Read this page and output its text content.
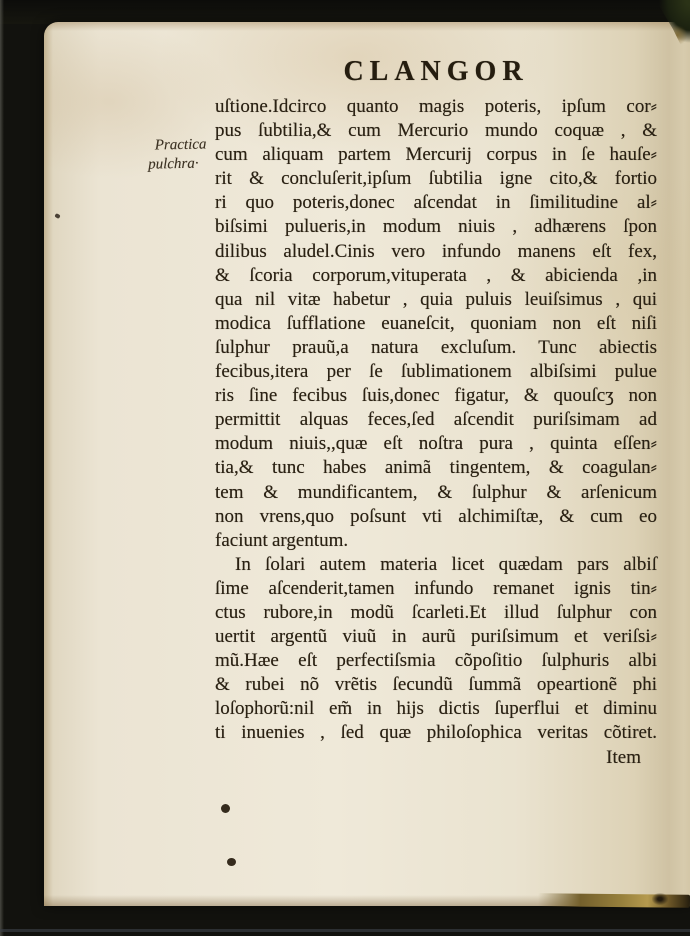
CLANGOR
Practica
pulchra·
uſtione.Idcirco quanto magis poteris, ipſum cor⸗
pus ſubtilia,& cum Mercurio mundo coquæ , &
cum aliquam partem Mercurij corpus in ſe hauſe⸗
rit & concluſerit,ipſum ſubtilia igne cito,& fortio
ri quo poteris,donec aſcendat in ſimilitudine al⸗
biſsimi pulueris,in modum niuis , adhærens ſpon
dilibus aludel.Cinis vero infundo manens eſt fex,
& ſcoria corporum,vituperata , & abicienda ,in
qua nil vitæ habetur , quia puluis leuiſsimus , qui
modica ſufflatione euaneſcit, quoniam non eſt niſi
ſulphur prauũ,a natura excluſum. Tunc abiectis
fecibus,itera per ſe ſublimationem albiſsimi pulue
ris ſine fecibus ſuis,donec figatur, & quouſcʒ non
permittit alquas feces,ſed aſcendit puriſsimam ad
modum niuis,,quæ eſt noſtra pura , quinta eſſen⸗
tia,& tunc habes animã tingentem, & coagulan⸗
tem & mundificantem, & ſulphur & arſenicum
non vrens,quo poſsunt vti alchimiſtæ, & cum eo
faciunt argentum.
In ſolari autem materia licet quædam pars albiſ
ſime aſcenderit,tamen infundo remanet ignis tin⸗
ctus rubore,in modũ ſcarleti.Et illud ſulphur con
uertit argentũ viuũ in aurũ puriſsimum et veriſsi⸗
mũ.Hæe eſt perfectiſsmia cõpoſitio ſulphuris albi
& rubei nõ vrẽtis ſecundũ ſummã opeartionẽ phi
loſophorũ:nil em̃ in hĳs dictis ſuperflui et diminu
ti inuenies , ſed quæ philoſophica veritas cõtiret.
Item
